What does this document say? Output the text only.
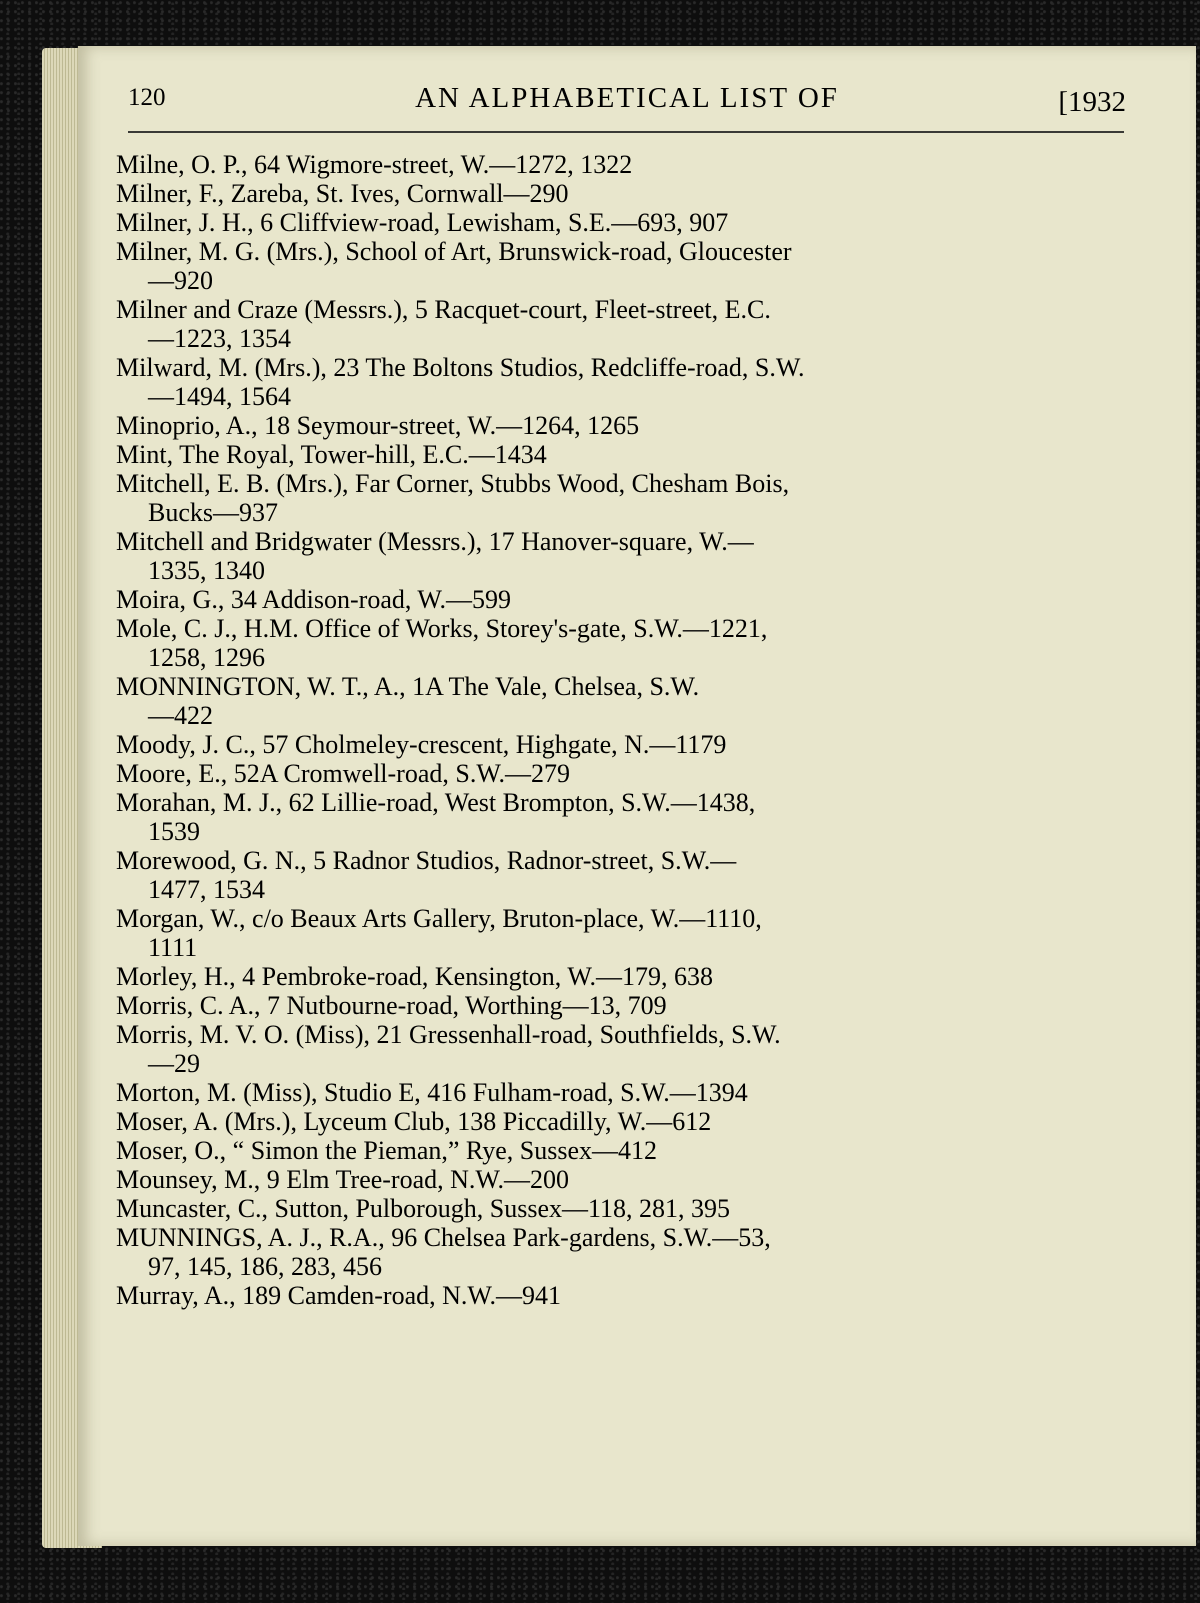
120	AN ALPHABETICAL LIST OF	[1932
Milne, O. P., 64 Wigmore-street, W.—1272, 1322
Milner, F., Zareba, St. Ives, Cornwall—290
Milner, J. H., 6 Cliffview-road, Lewisham, S.E.—693, 907
Milner, M. G. (Mrs.), School of Art, Brunswick-road, Gloucester
—920
Milner and Craze (Messrs.), 5 Racquet-court, Fleet-street, E.C.
—1223, 1354
Milward, M. (Mrs.), 23 The Boltons Studios, Redcliffe-road, S.W.
—1494, 1564
Minoprio, A., 18 Seymour-street, W.—1264, 1265
Mint, The Royal, Tower-hill, E.C.—1434
Mitchell, E. B. (Mrs.), Far Corner, Stubbs Wood, Chesham Bois,
Bucks—937
Mitchell and Bridgwater (Messrs.), 17 Hanover-square, W.—
1335, 1340
Moira, G., 34 Addison-road, W.—599
Mole, C. J., H.M. Office of Works, Storey's-gate, S.W.—1221,
1258, 1296
MONNINGTON, W. T., A., 1A The Vale, Chelsea, S.W.
—422
Moody, J. C., 57 Cholmeley-crescent, Highgate, N.—1179
Moore, E., 52A Cromwell-road, S.W.—279
Morahan, M. J., 62 Lillie-road, West Brompton, S.W.—1438,
1539
Morewood, G. N., 5 Radnor Studios, Radnor-street, S.W.—
1477, 1534
Morgan, W., c/o Beaux Arts Gallery, Bruton-place, W.—1110,
1111
Morley, H., 4 Pembroke-road, Kensington, W.—179, 638
Morris, C. A., 7 Nutbourne-road, Worthing—13, 709
Morris, M. V. O. (Miss), 21 Gressenhall-road, Southfields, S.W.
—29
Morton, M. (Miss), Studio E, 416 Fulham-road, S.W.—1394
Moser, A. (Mrs.), Lyceum Club, 138 Piccadilly, W.—612
Moser, O., “ Simon the Pieman,” Rye, Sussex—412
Mounsey, M., 9 Elm Tree-road, N.W.—200
Muncaster, C., Sutton, Pulborough, Sussex—118, 281, 395
MUNNINGS, A. J., R.A., 96 Chelsea Park-gardens, S.W.—53,
97, 145, 186, 283, 456
Murray, A., 189 Camden-road, N.W.—941
